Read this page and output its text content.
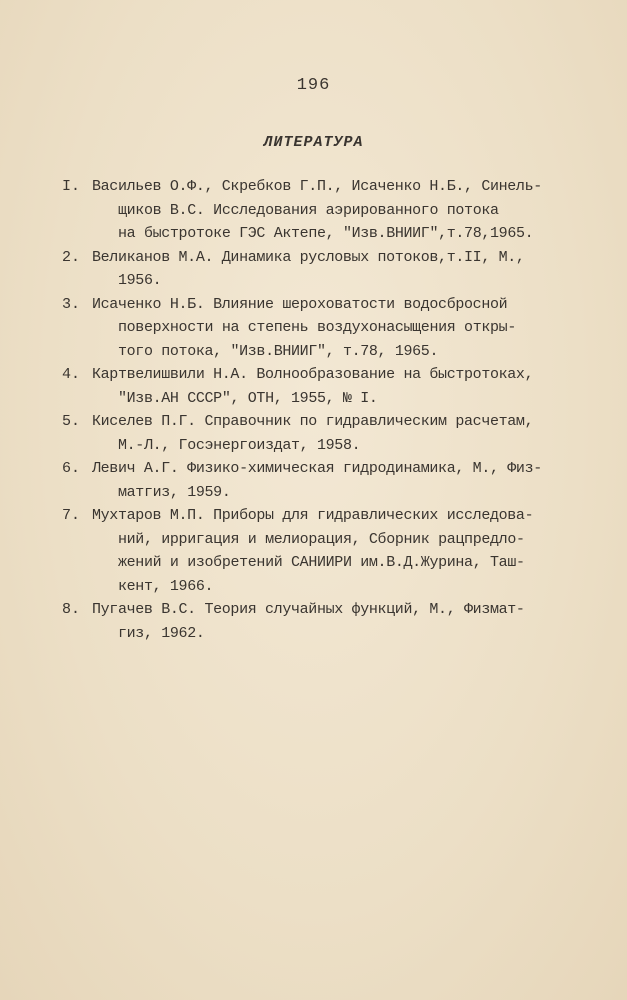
196
ЛИТЕРАТУРА
I. Васильев О.Ф., Скребков Г.П., Исаченко Н.Б., Синель-
щиков В.С. Исследования аэрированного потока
на быстротоке ГЭС Актепе, "Изв.ВНИИГ",т.78,1965.
2. Великанов М.А. Динамика русловых потоков,т.II, М.,
1956.
3. Исаченко Н.Б. Влияние шероховатости водосбросной
поверхности на степень воздухонасыщения откры-
того потока, "Изв.ВНИИГ", т.78, 1965.
4. Картвелишвили Н.А. Волнообразование на быстротоках,
"Изв.АН СССР", ОТН, 1955, № I.
5. Киселев П.Г. Справочник по гидравлическим расчетам,
М.-Л., Госэнергоиздат, 1958.
6. Левич А.Г. Физико-химическая гидродинамика, М., Физ-
матгиз, 1959.
7. Мухтаров М.П. Приборы для гидравлических исследова-
ний, ирригация и мелиорация, Сборник рацпредло-
жений и изобретений САНИИРИ им.В.Д.Журина, Таш-
кент, 1966.
8. Пугачев В.С. Теория случайных функций, М., Физмат-
гиз, 1962.
